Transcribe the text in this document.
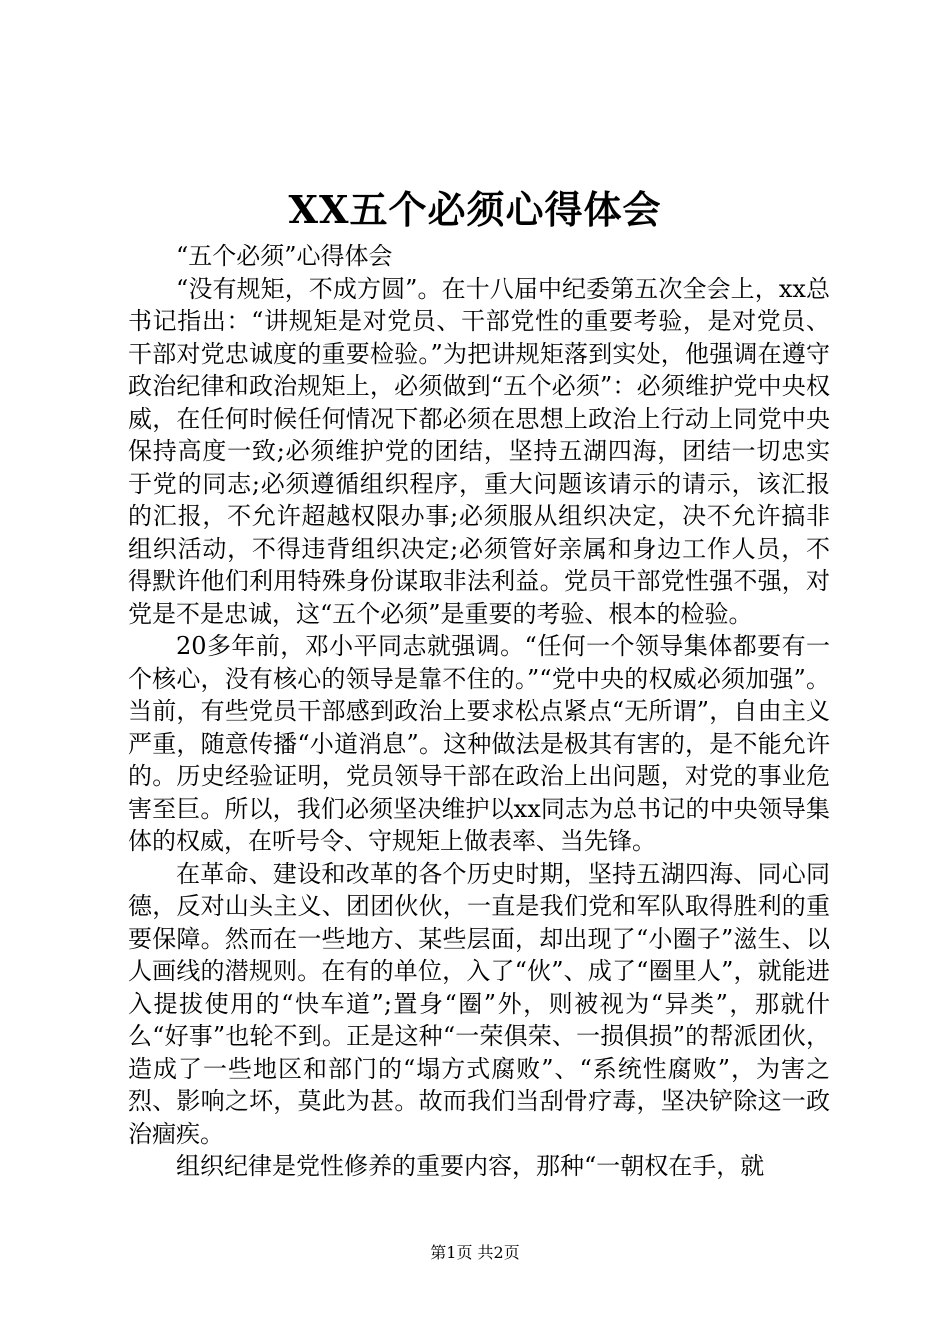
XX五个必须心得体会

“五个必须”心得体会

“没有规矩，不成方圆”。在十八届中纪委第五次全会上，xx总书记指出：“讲规矩是对党员、干部党性的重要考验，是对党员、干部对党忠诚度的重要检验。”为把讲规矩落到实处，他强调在遵守政治纪律和政治规矩上，必须做到“五个必须”：必须维护党中央权威，在任何时候任何情况下都必须在思想上政治上行动上同党中央保持高度一致;必须维护党的团结，坚持五湖四海，团结一切忠实于党的同志;必须遵循组织程序，重大问题该请示的请示，该汇报的汇报，不允许超越权限办事;必须服从组织决定，决不允许搞非组织活动，不得违背组织决定;必须管好亲属和身边工作人员，不得默许他们利用特殊身份谋取非法利益。党员干部党性强不强，对党是不是忠诚，这“五个必须”是重要的考验、根本的检验。

20多年前，邓小平同志就强调。“任何一个领导集体都要有一个核心，没有核心的领导是靠不住的。”“党中央的权威必须加强”。当前，有些党员干部感到政治上要求松点紧点“无所谓”，自由主义严重，随意传播“小道消息”。这种做法是极其有害的，是不能允许的。历史经验证明，党员领导干部在政治上出问题，对党的事业危害至巨。所以，我们必须坚决维护以xx同志为总书记的中央领导集体的权威，在听号令、守规矩上做表率、当先锋。

在革命、建设和改革的各个历史时期，坚持五湖四海、同心同德，反对山头主义、团团伙伙，一直是我们党和军队取得胜利的重要保障。然而在一些地方、某些层面，却出现了“小圈子”滋生、以人画线的潜规则。在有的单位，入了“伙”、成了“圈里人”，就能进入提拔使用的“快车道”;置身“圈”外，则被视为“异类”，那就什么“好事”也轮不到。正是这种“一荣俱荣、一损俱损”的帮派团伙，造成了一些地区和部门的“塌方式腐败”、“系统性腐败”，为害之烈、影响之坏，莫此为甚。故而我们当刮骨疗毒，坚决铲除这一政治痼疾。

组织纪律是党性修养的重要内容，那种“一朝权在手，就

第1页 共2页
